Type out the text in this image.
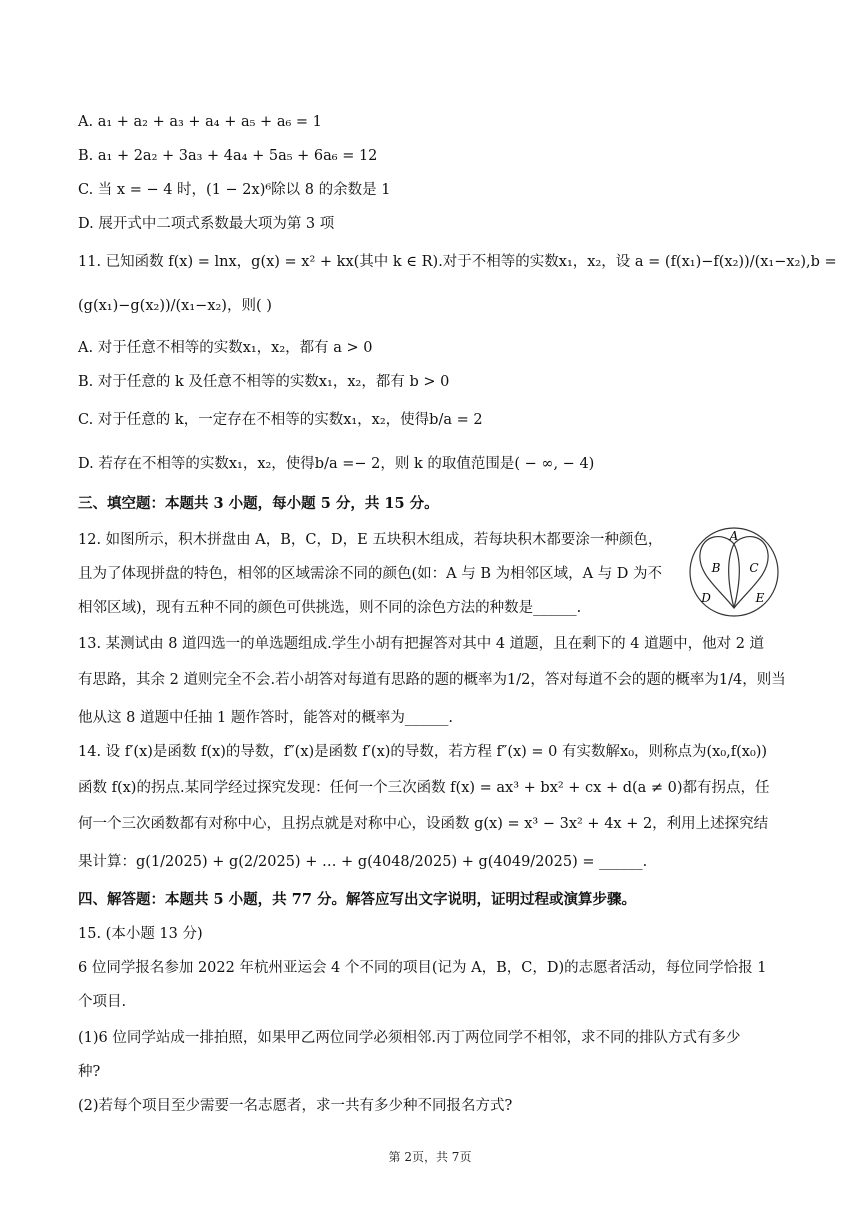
A. a₁ + a₂ + a₃ + a₄ + a₅ + a₆ = 1
B. a₁ + 2a₂ + 3a₃ + 4a₄ + 5a₅ + 6a₆ = 12
C. 当 x = − 4 时，(1 − 2x)⁶除以 8 的余数是 1
D. 展开式中二项式系数最大项为第 3 项
11. 已知函数 f(x) = lnx，g(x) = x² + kx(其中 k ∈ R).对于不相等的实数x₁，x₂，设 a = (f(x₁)−f(x₂))/(x₁−x₂),b =
(g(x₁)−g(x₂))/(x₁−x₂)，则( )
A. 对于任意不相等的实数x₁，x₂，都有 a > 0
B. 对于任意的 k 及任意不相等的实数x₁，x₂，都有 b > 0
C. 对于任意的 k，一定存在不相等的实数x₁，x₂，使得b/a = 2
D. 若存在不相等的实数x₁，x₂，使得b/a =− 2，则 k 的取值范围是( − ∞, − 4)
三、填空题：本题共 3 小题，每小题 5 分，共 15 分。
12. 如图所示，积木拼盘由 A，B，C，D，E 五块积木组成，若每块积木都要涂一种颜色，
且为了体现拼盘的特色，相邻的区域需涂不同的颜色(如：A 与 B 为相邻区域，A 与 D 为不
相邻区域)，现有五种不同的颜色可供挑选，则不同的涂色方法的种数是______.
A
B C
D	E
13. 某测试由 8 道四选一的单选题组成.学生小胡有把握答对其中 4 道题，且在剩下的 4 道题中，他对 2 道
有思路，其余 2 道则完全不会.若小胡答对每道有思路的题的概率为1/2，答对每道不会的题的概率为1/4，则当
他从这 8 道题中任抽 1 题作答时，能答对的概率为______.
14. 设 f′(x)是函数 f(x)的导数，f″(x)是函数 f′(x)的导数，若方程 f″(x) = 0 有实数解x₀，则称点为(x₀,f(x₀))
函数 f(x)的拐点.某同学经过探究发现：任何一个三次函数 f(x) = ax³ + bx² + cx + d(a ≠ 0)都有拐点，任
何一个三次函数都有对称中心，且拐点就是对称中心，设函数 g(x) = x³ − 3x² + 4x + 2，利用上述探究结
果计算：g(1/2025) + g(2/2025) + … + g(4048/2025) + g(4049/2025) = ______.
四、解答题：本题共 5 小题，共 77 分。解答应写出文字说明，证明过程或演算步骤。
15. (本小题 13 分)
6 位同学报名参加 2022 年杭州亚运会 4 个不同的项目(记为 A，B，C，D)的志愿者活动，每位同学恰报 1
个项目.
(1)6 位同学站成一排拍照，如果甲乙两位同学必须相邻.丙丁两位同学不相邻，求不同的排队方式有多少
种?
(2)若每个项目至少需要一名志愿者，求一共有多少种不同报名方式?
第 2页，共 7页
